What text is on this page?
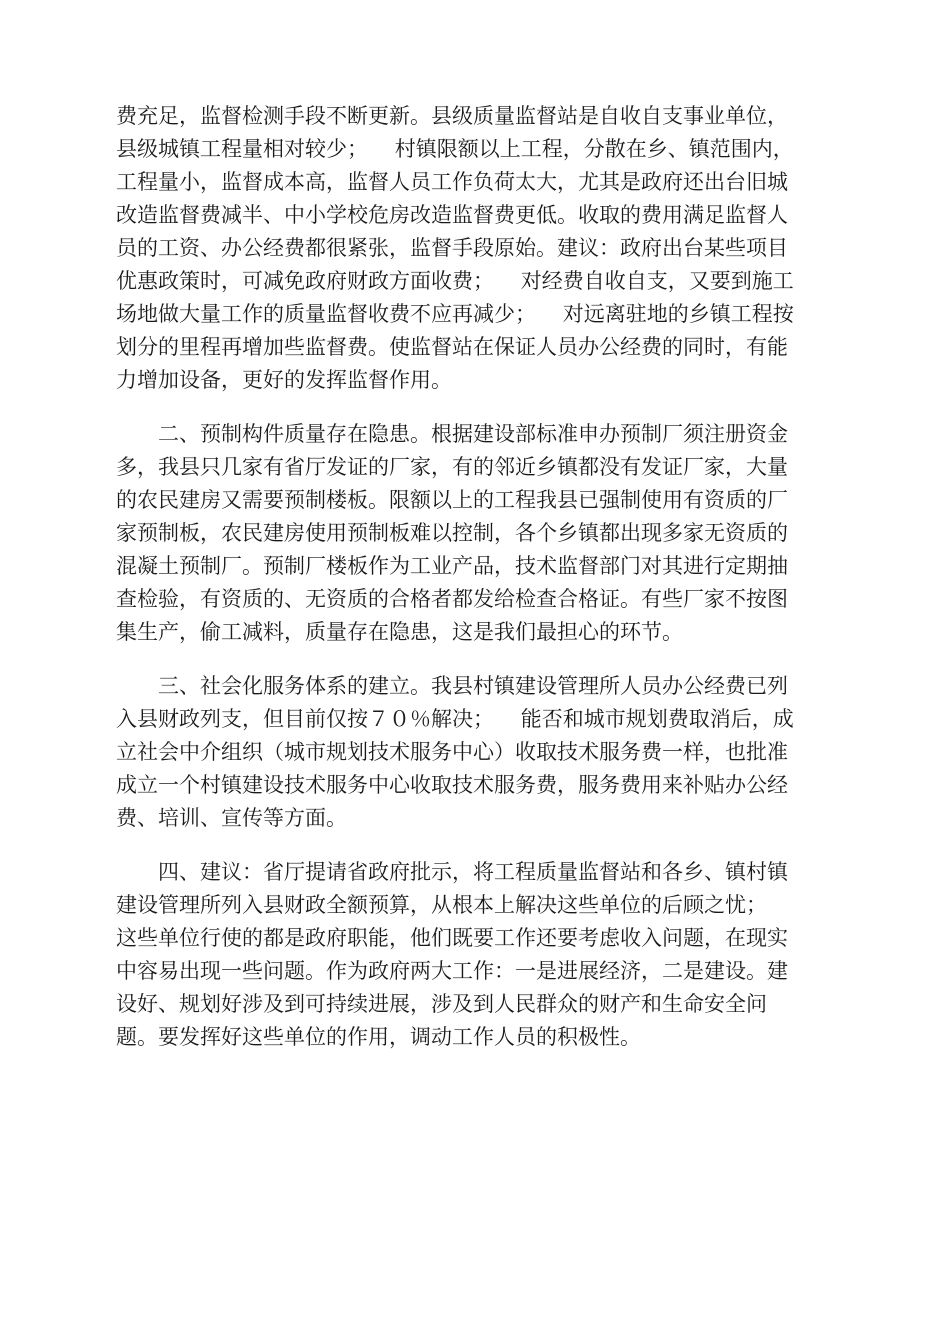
费充足，监督检测手段不断更新。县级质量监督站是自收自支事业单位，
县级城镇工程量相对较少；    村镇限额以上工程，分散在乡、镇范围内，
工程量小，监督成本高，监督人员工作负荷太大，尤其是政府还出台旧城
改造监督费减半、中小学校危房改造监督费更低。收取的费用满足监督人
员的工资、办公经费都很紧张，监督手段原始。建议：政府出台某些项目
优惠政策时，可减免政府财政方面收费；    对经费自收自支，又要到施工
场地做大量工作的质量监督收费不应再减少；    对远离驻地的乡镇工程按
划分的里程再增加些监督费。使监督站在保证人员办公经费的同时，有能
力增加设备，更好的发挥监督作用。
二、预制构件质量存在隐患。根据建设部标准申办预制厂须注册资金
多，我县只几家有省厅发证的厂家，有的邻近乡镇都没有发证厂家，大量
的农民建房又需要预制楼板。限额以上的工程我县已强制使用有资质的厂
家预制板，农民建房使用预制板难以控制，各个乡镇都出现多家无资质的
混凝土预制厂。预制厂楼板作为工业产品，技术监督部门对其进行定期抽
查检验，有资质的、无资质的合格者都发给检查合格证。有些厂家不按图
集生产，偷工减料，质量存在隐患，这是我们最担心的环节。
三、社会化服务体系的建立。我县村镇建设管理所人员办公经费已列
入县财政列支，但目前仅按７０％解决；    能否和城市规划费取消后，成
立社会中介组织（城市规划技术服务中心）收取技术服务费一样，也批准
成立一个村镇建设技术服务中心收取技术服务费，服务费用来补贴办公经
费、培训、宣传等方面。
四、建议：省厅提请省政府批示，将工程质量监督站和各乡、镇村镇
建设管理所列入县财政全额预算，从根本上解决这些单位的后顾之忧；
这些单位行使的都是政府职能，他们既要工作还要考虑收入问题，在现实
中容易出现一些问题。作为政府两大工作：一是进展经济，二是建设。建
设好、规划好涉及到可持续进展，涉及到人民群众的财产和生命安全问
题。要发挥好这些单位的作用，调动工作人员的积极性。
